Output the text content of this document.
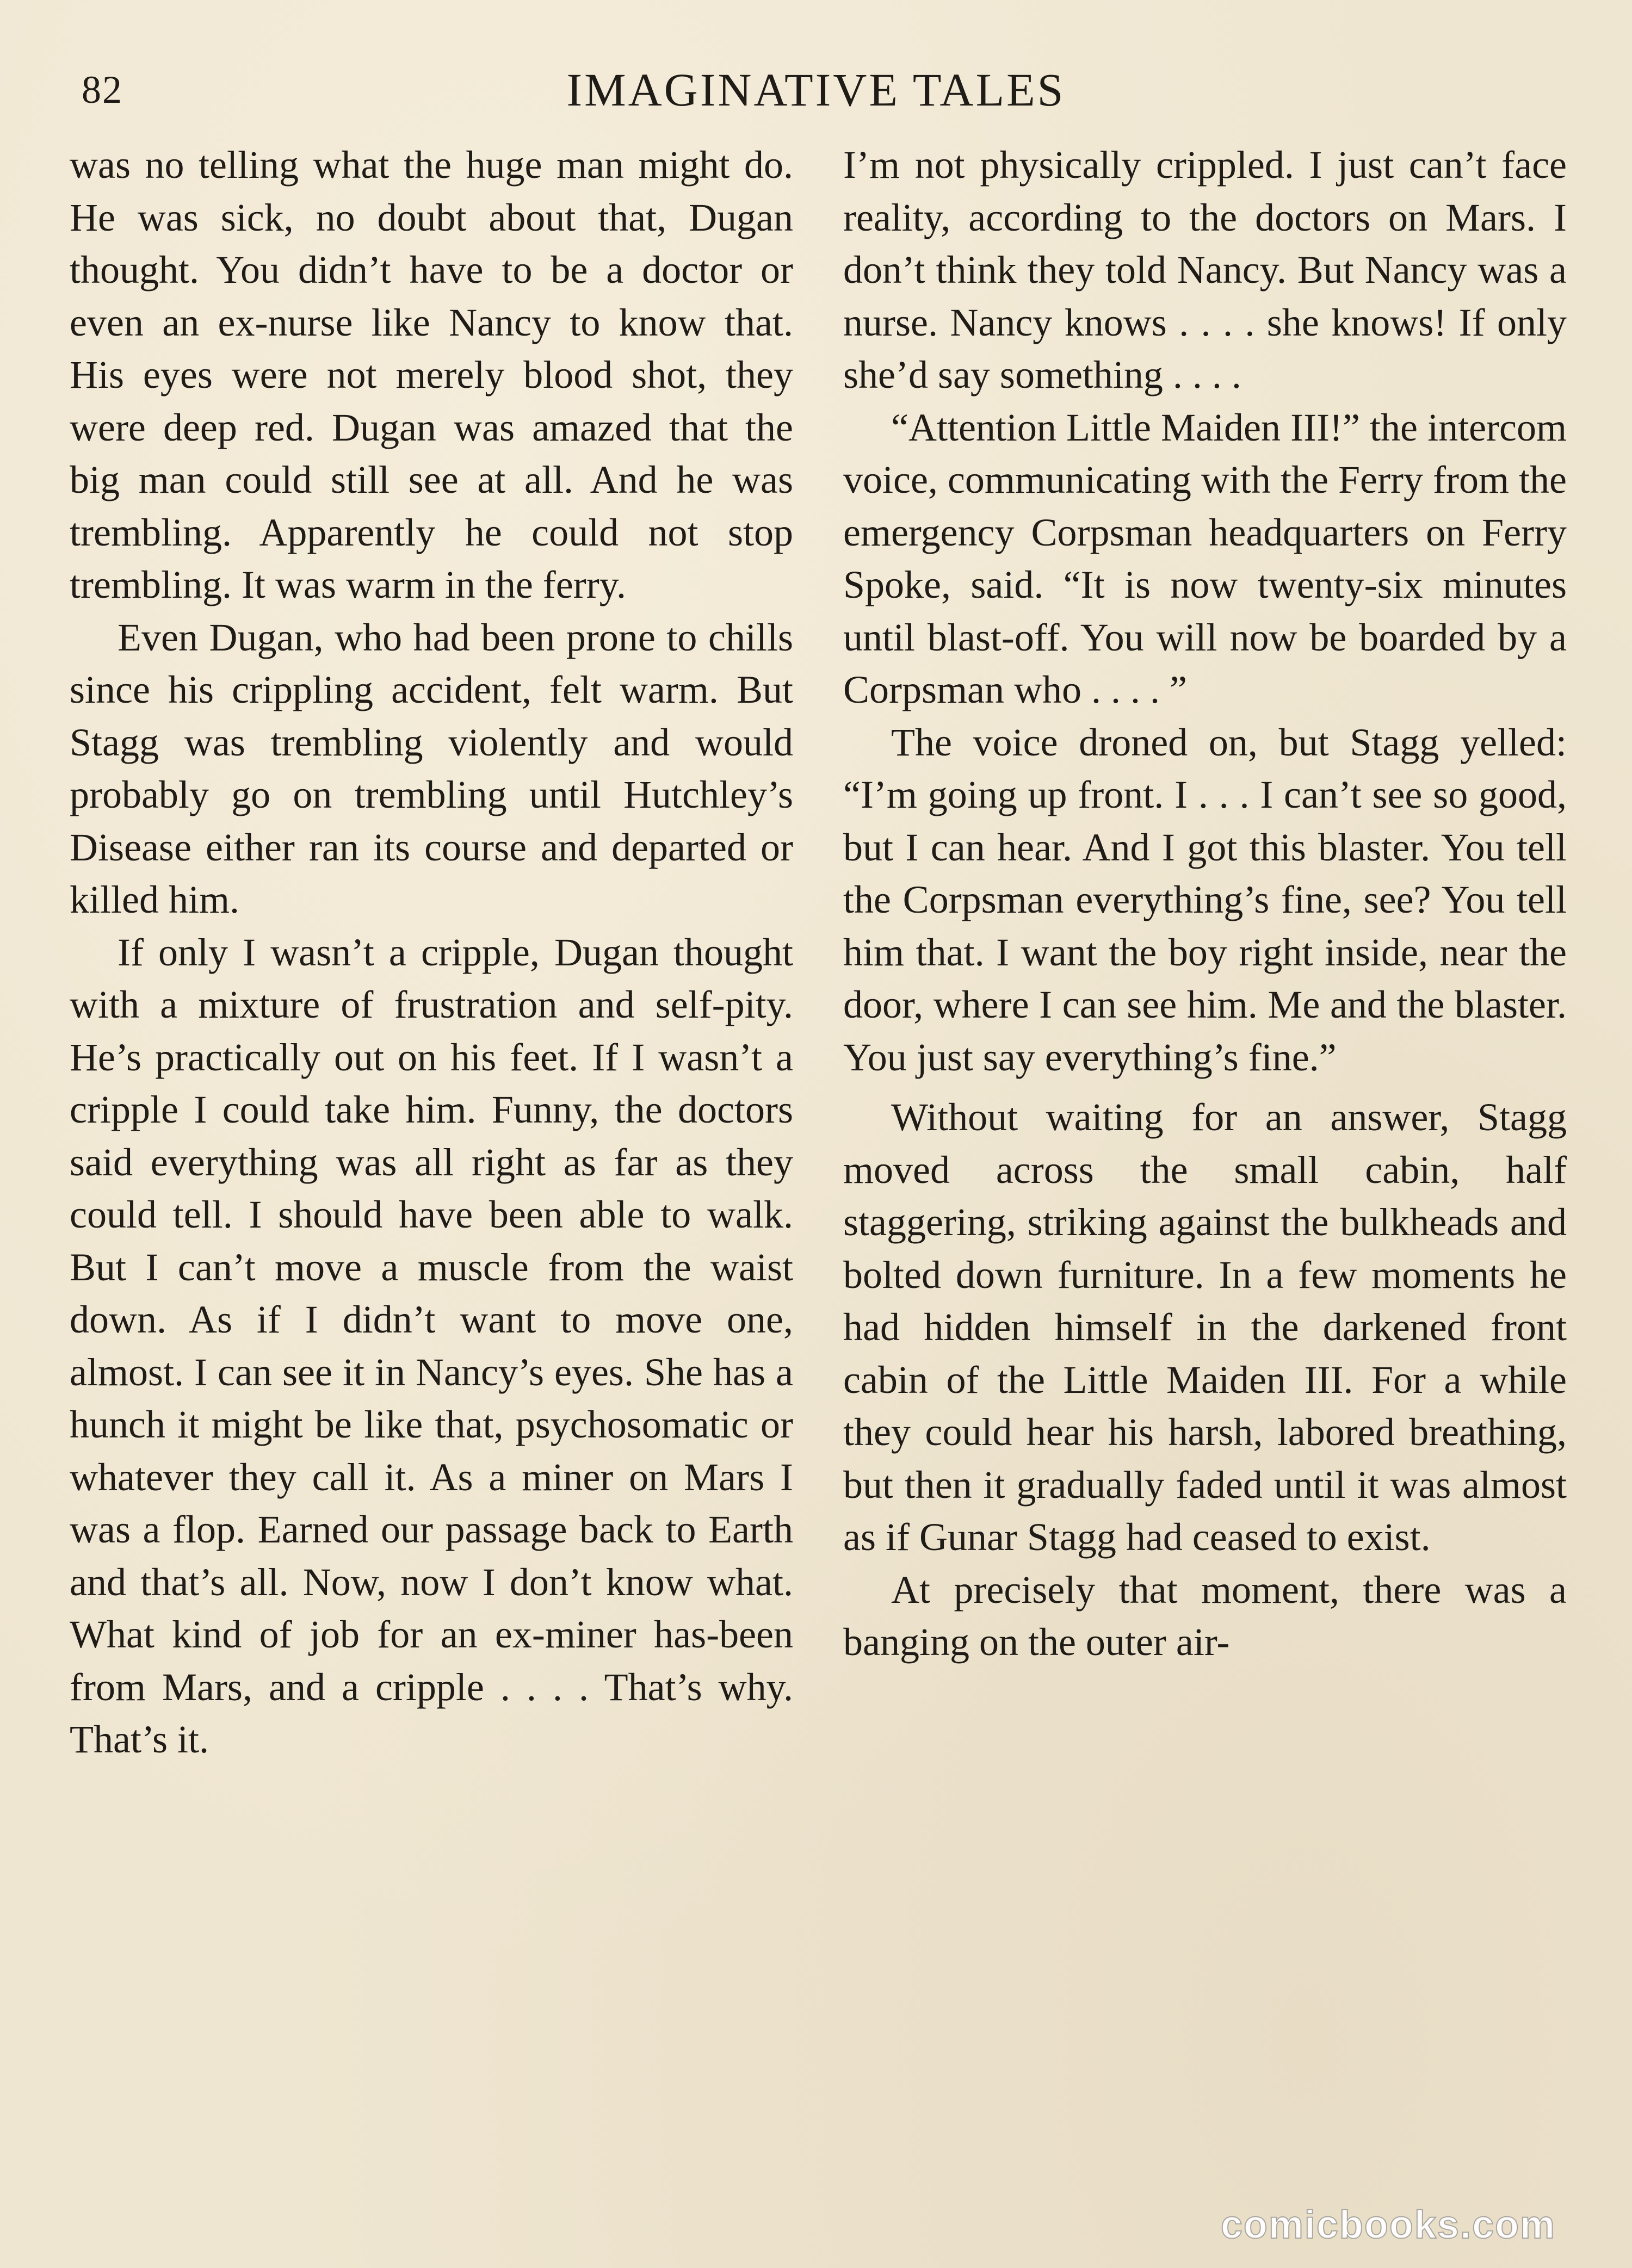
82	IMAGINATIVE TALES

was no telling what the huge man might do. He was sick, no doubt about that, Dugan thought. You didn’t have to be a doctor or even an ex-nurse like Nancy to know that. His eyes were not merely blood shot, they were deep red. Dugan was amazed that the big man could still see at all. And he was trembling. Apparently he could not stop trembling. It was warm in the ferry.

Even Dugan, who had been prone to chills since his crippling accident, felt warm. But Stagg was trembling violently and would probably go on trembling until Hutchley’s Disease either ran its course and departed or killed him.

If only I wasn’t a cripple, Dugan thought with a mixture of frustration and self-pity. He’s practically out on his feet. If I wasn’t a cripple I could take him. Funny, the doctors said everything was all right as far as they could tell. I should have been able to walk. But I can’t move a muscle from the waist down. As if I didn’t want to move one, almost. I can see it in Nancy’s eyes. She has a hunch it might be like that, psychosomatic or whatever they call it. As a miner on Mars I was a flop. Earned our passage back to Earth and that’s all. Now, now I don’t know what. What kind of job for an ex-miner has-been from Mars, and a cripple . . . . That’s why. That’s it.

I’m not physically crippled. I just can’t face reality, according to the doctors on Mars. I don’t think they told Nancy. But Nancy was a nurse. Nancy knows . . . . she knows! If only she’d say something . . . .

“Attention Little Maiden III!” the intercom voice, communicating with the Ferry from the emergency Corpsman headquarters on Ferry Spoke, said. “It is now twenty-six minutes until blast-off. You will now be boarded by a Corpsman who . . . . ”

The voice droned on, but Stagg yelled: “I’m going up front. I . . . I can’t see so good, but I can hear. And I got this blaster. You tell the Corpsman everything’s fine, see? You tell him that. I want the boy right inside, near the door, where I can see him. Me and the blaster. You just say everything’s fine.”

Without waiting for an answer, Stagg moved across the small cabin, half staggering, striking against the bulkheads and bolted down furniture. In a few moments he had hidden himself in the darkened front cabin of the Little Maiden III. For a while they could hear his harsh, labored breathing, but then it gradually faded until it was almost as if Gunar Stagg had ceased to exist.

At precisely that moment, there was a banging on the outer air-

comicbooks.com
